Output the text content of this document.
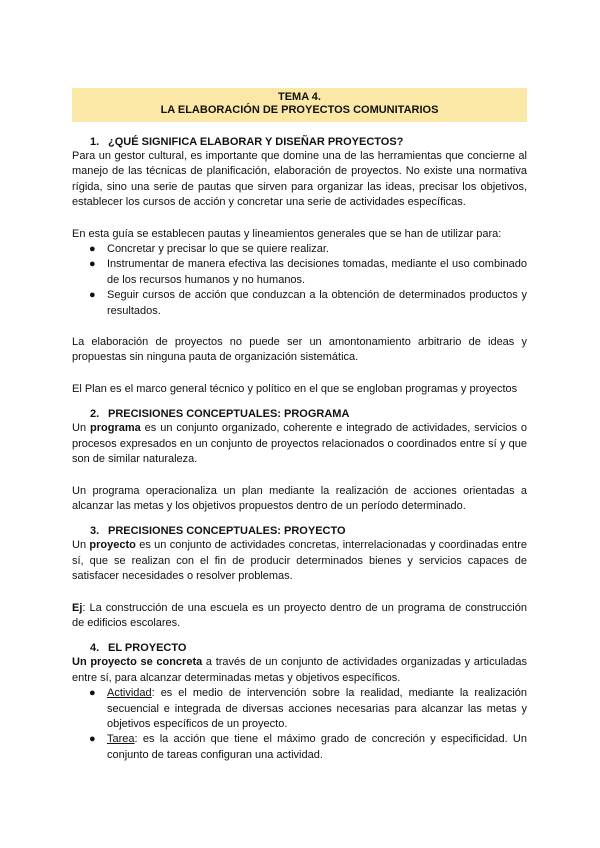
TEMA 4.
LA ELABORACIÓN DE PROYECTOS COMUNITARIOS
1. ¿QUÉ SIGNIFICA ELABORAR Y DISEÑAR PROYECTOS?

Para un gestor cultural, es importante que domine una de las herramientas que concierne al manejo de las técnicas de planificación, elaboración de proyectos. No existe una normativa rígida, sino una serie de pautas que sirven para organizar las ideas, precisar los objetivos, establecer los cursos de acción y concretar una serie de actividades específicas.

En esta guía se establecen pautas y lineamientos generales que se han de utilizar para:

● Concretar y precisar lo que se quiere realizar.
● Instrumentar de manera efectiva las decisiones tomadas, mediante el uso combinado de los recursos humanos y no humanos.
● Seguir cursos de acción que conduzcan a la obtención de determinados productos y resultados.

La elaboración de proyectos no puede ser un amontonamiento arbitrario de ideas y propuestas sin ninguna pauta de organización sistemática.

El Plan es el marco general técnico y político en el que se engloban programas y proyectos

2. PRECISIONES CONCEPTUALES: PROGRAMA

Un programa es un conjunto organizado, coherente e integrado de actividades, servicios o procesos expresados en un conjunto de proyectos relacionados o coordinados entre sí y que son de similar naturaleza.

Un programa operacionaliza un plan mediante la realización de acciones orientadas a alcanzar las metas y los objetivos propuestos dentro de un período determinado.

3. PRECISIONES CONCEPTUALES: PROYECTO

Un proyecto es un conjunto de actividades concretas, interrelacionadas y coordinadas entre sí, que se realizan con el fin de producir determinados bienes y servicios capaces de satisfacer necesidades o resolver problemas.

Ej: La construcción de una escuela es un proyecto dentro de un programa de construcción de edificios escolares.

4. EL PROYECTO

Un proyecto se concreta a través de un conjunto de actividades organizadas y articuladas entre sí, para alcanzar determinadas metas y objetivos específicos.

● Actividad: es el medio de intervención sobre la realidad, mediante la realización secuencial e integrada de diversas acciones necesarias para alcanzar las metas y objetivos específicos de un proyecto.
● Tarea: es la acción que tiene el máximo grado de concreción y especificidad. Un conjunto de tareas configuran una actividad.
